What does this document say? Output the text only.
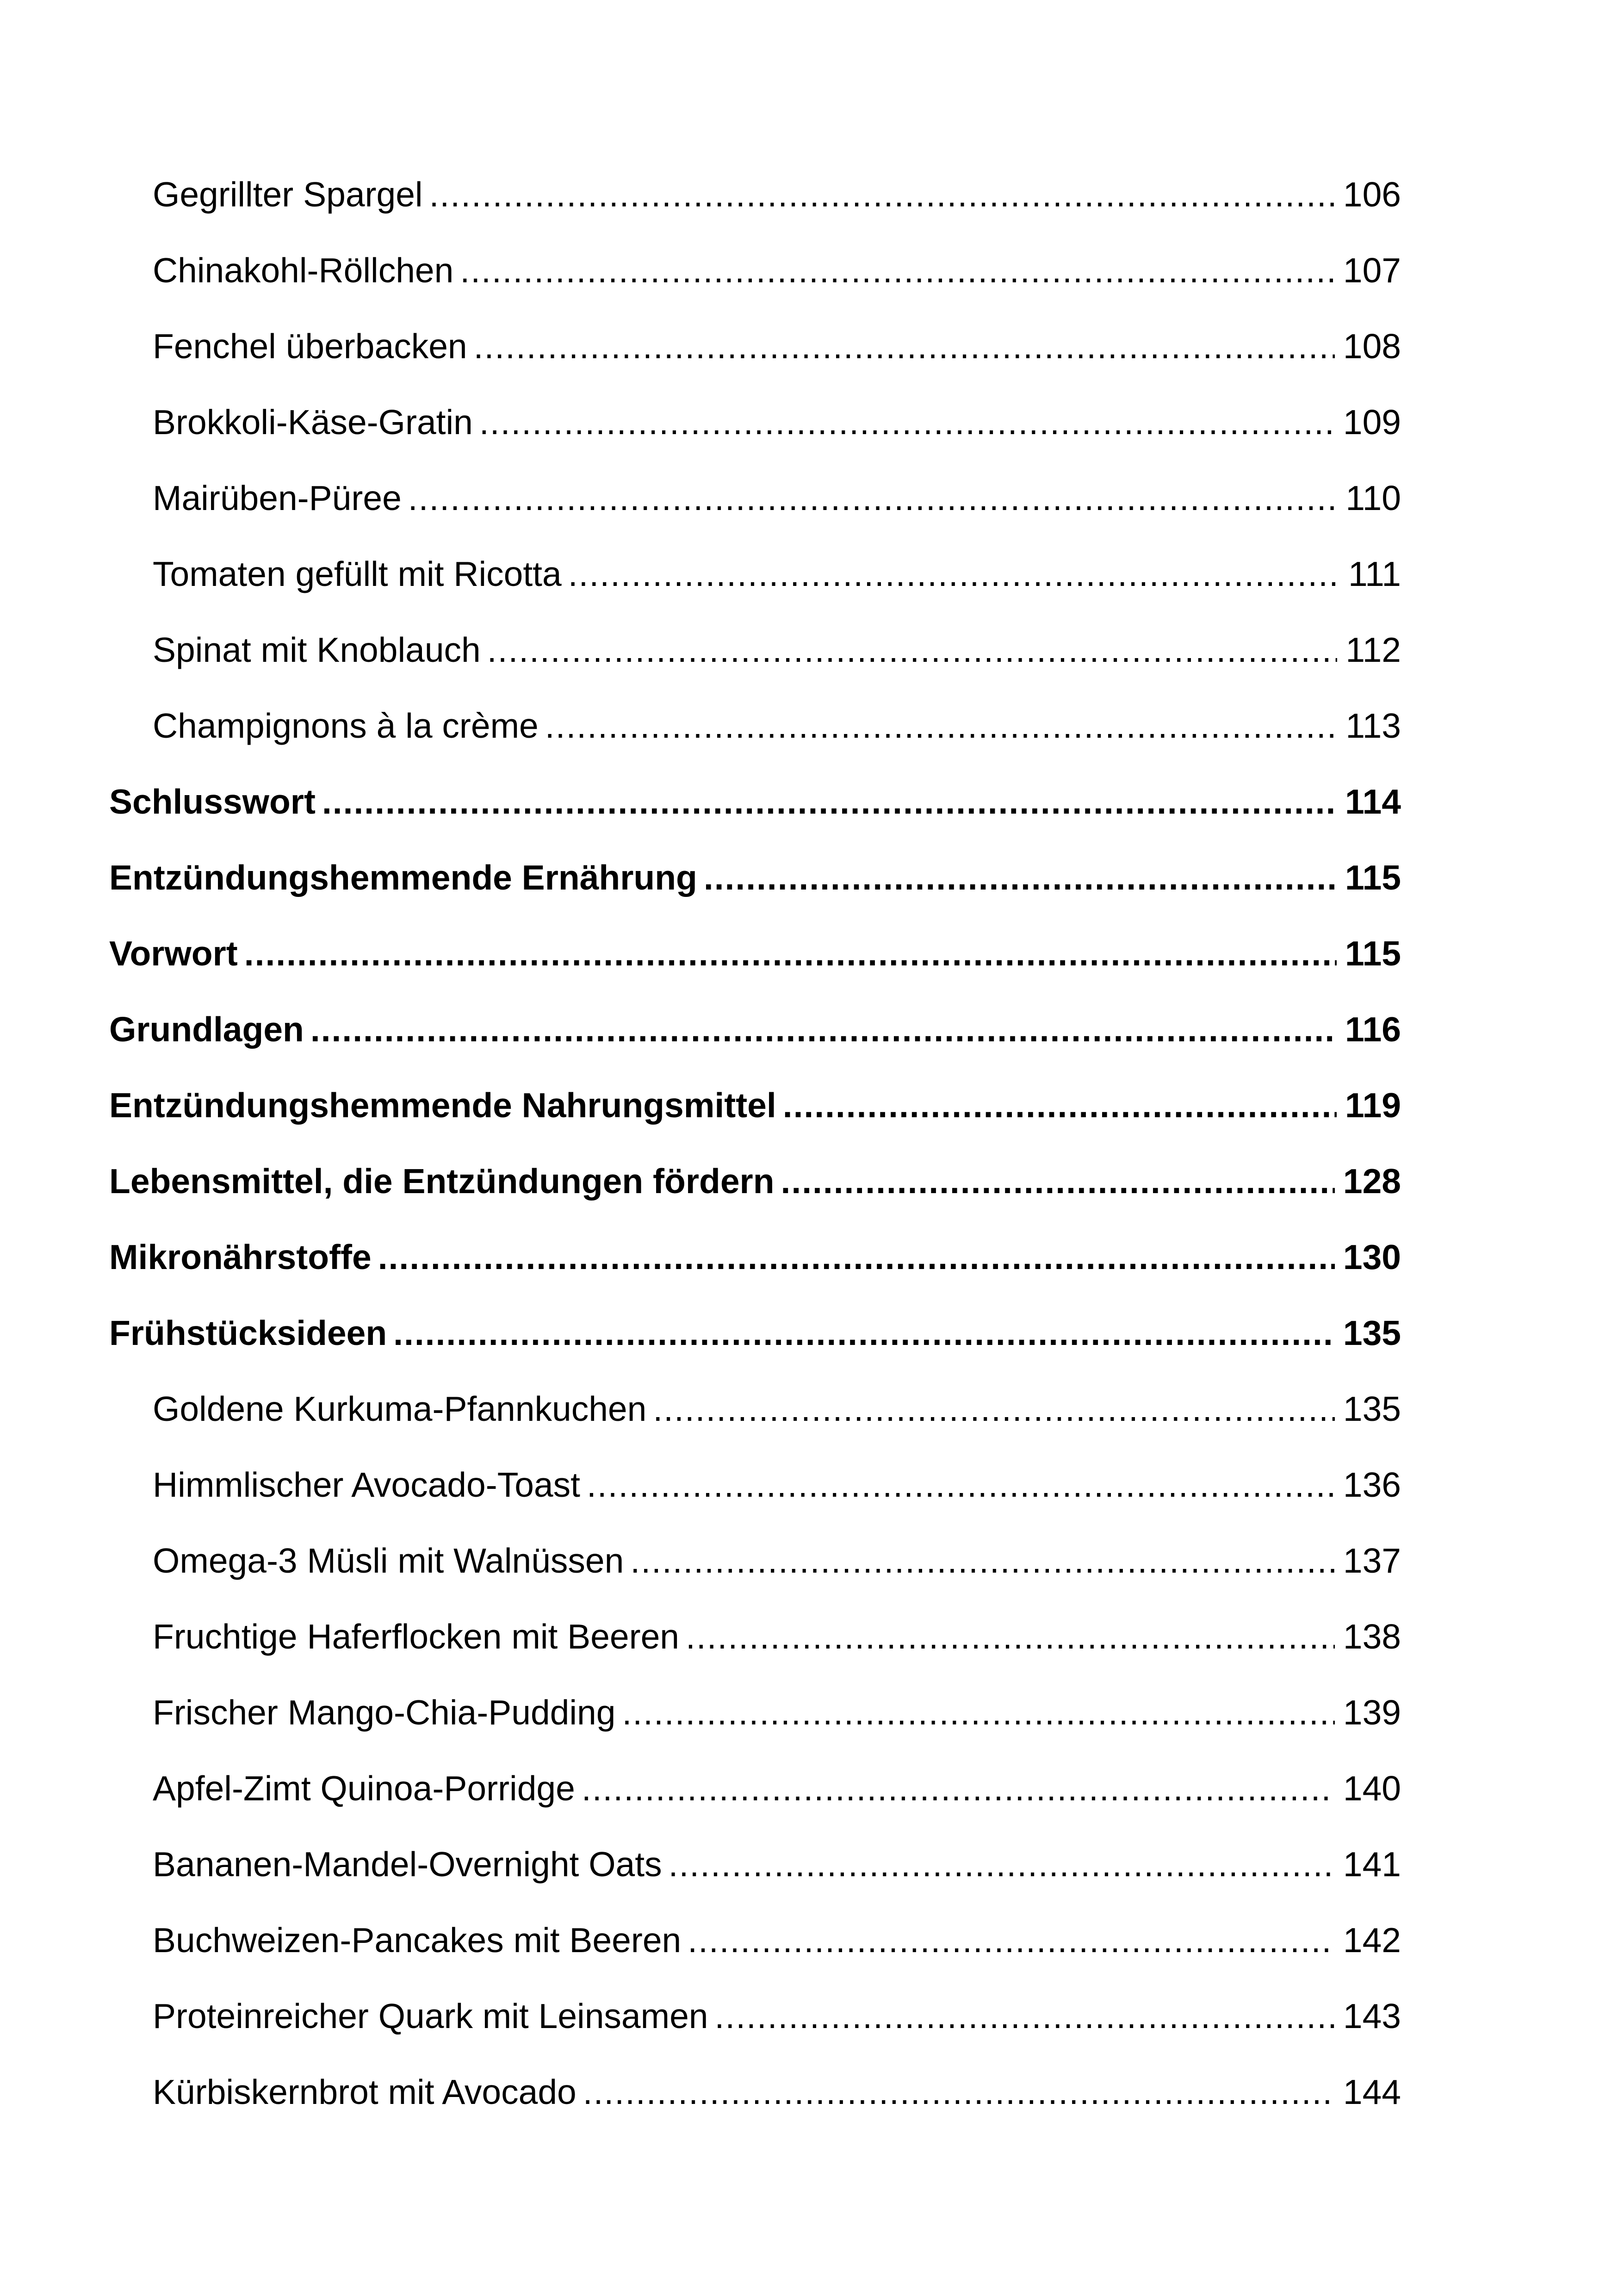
Gegrillter Spargel .....	106
Chinakohl-Röllchen .....	107
Fenchel überbacken .....	108
Brokkoli-Käse-Gratin .....	109
Mairüben-Püree .....	110
Tomaten gefüllt mit Ricotta .....	111
Spinat mit Knoblauch .....	112
Champignons à la crème .....	113
Schlusswort .....	114
Entzündungshemmende Ernährung .....	115
Vorwort .....	115
Grundlagen .....	116
Entzündungshemmende Nahrungsmittel .....	119
Lebensmittel, die Entzündungen fördern .....	128
Mikronährstoffe .....	130
Frühstücksideen .....	135
Goldene Kurkuma-Pfannkuchen .....	135
Himmlischer Avocado-Toast .....	136
Omega-3 Müsli mit Walnüssen .....	137
Fruchtige Haferflocken mit Beeren .....	138
Frischer Mango-Chia-Pudding .....	139
Apfel-Zimt Quinoa-Porridge .....	140
Bananen-Mandel-Overnight Oats .....	141
Buchweizen-Pancakes mit Beeren .....	142
Proteinreicher Quark mit Leinsamen .....	143
Kürbiskernbrot mit Avocado .....	144
